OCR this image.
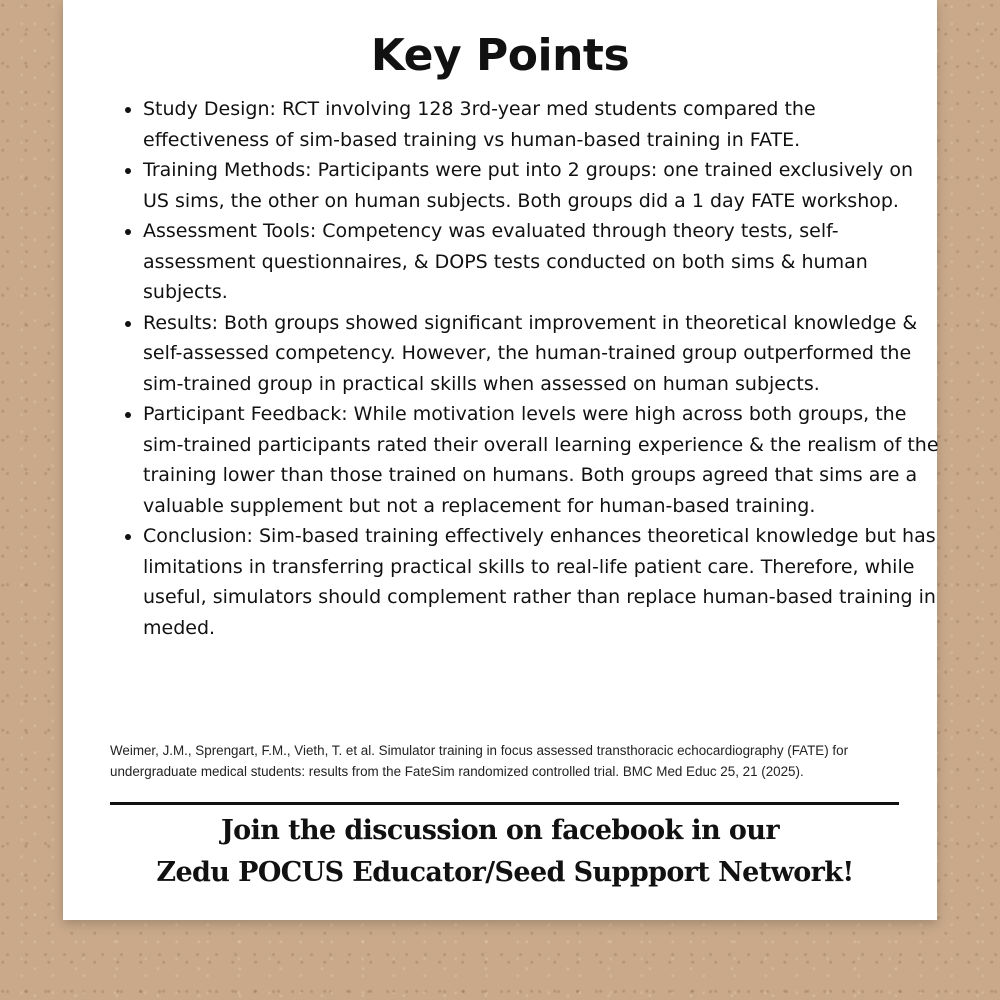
Key Points
• Study Design: RCT involving 128 3rd-year med students compared the effectiveness of sim-based training vs human-based training in FATE.
• Training Methods: Participants were put into 2 groups: one trained exclusively on US sims, the other on human subjects. Both groups did a 1 day FATE workshop.
• Assessment Tools: Competency was evaluated through theory tests, self-assessment questionnaires, & DOPS tests conducted on both sims & human subjects.
• Results: Both groups showed significant improvement in theoretical knowledge & self-assessed competency. However, the human-trained group outperformed the sim-trained group in practical skills when assessed on human subjects.
• Participant Feedback: While motivation levels were high across both groups, the sim-trained participants rated their overall learning experience & the realism of the training lower than those trained on humans. Both groups agreed that sims are a valuable supplement but not a replacement for human-based training.
• Conclusion: Sim-based training effectively enhances theoretical knowledge but has limitations in transferring practical skills to real-life patient care. Therefore, while useful, simulators should complement rather than replace human-based training in meded.
Weimer, J.M., Sprengart, F.M., Vieth, T. et al. Simulator training in focus assessed transthoracic echocardiography (FATE) for undergraduate medical students: results from the FateSim randomized controlled trial. BMC Med Educ 25, 21 (2025).
Join the discussion on facebook in our
Zedu POCUS Educator/Seed Suppport Network!
